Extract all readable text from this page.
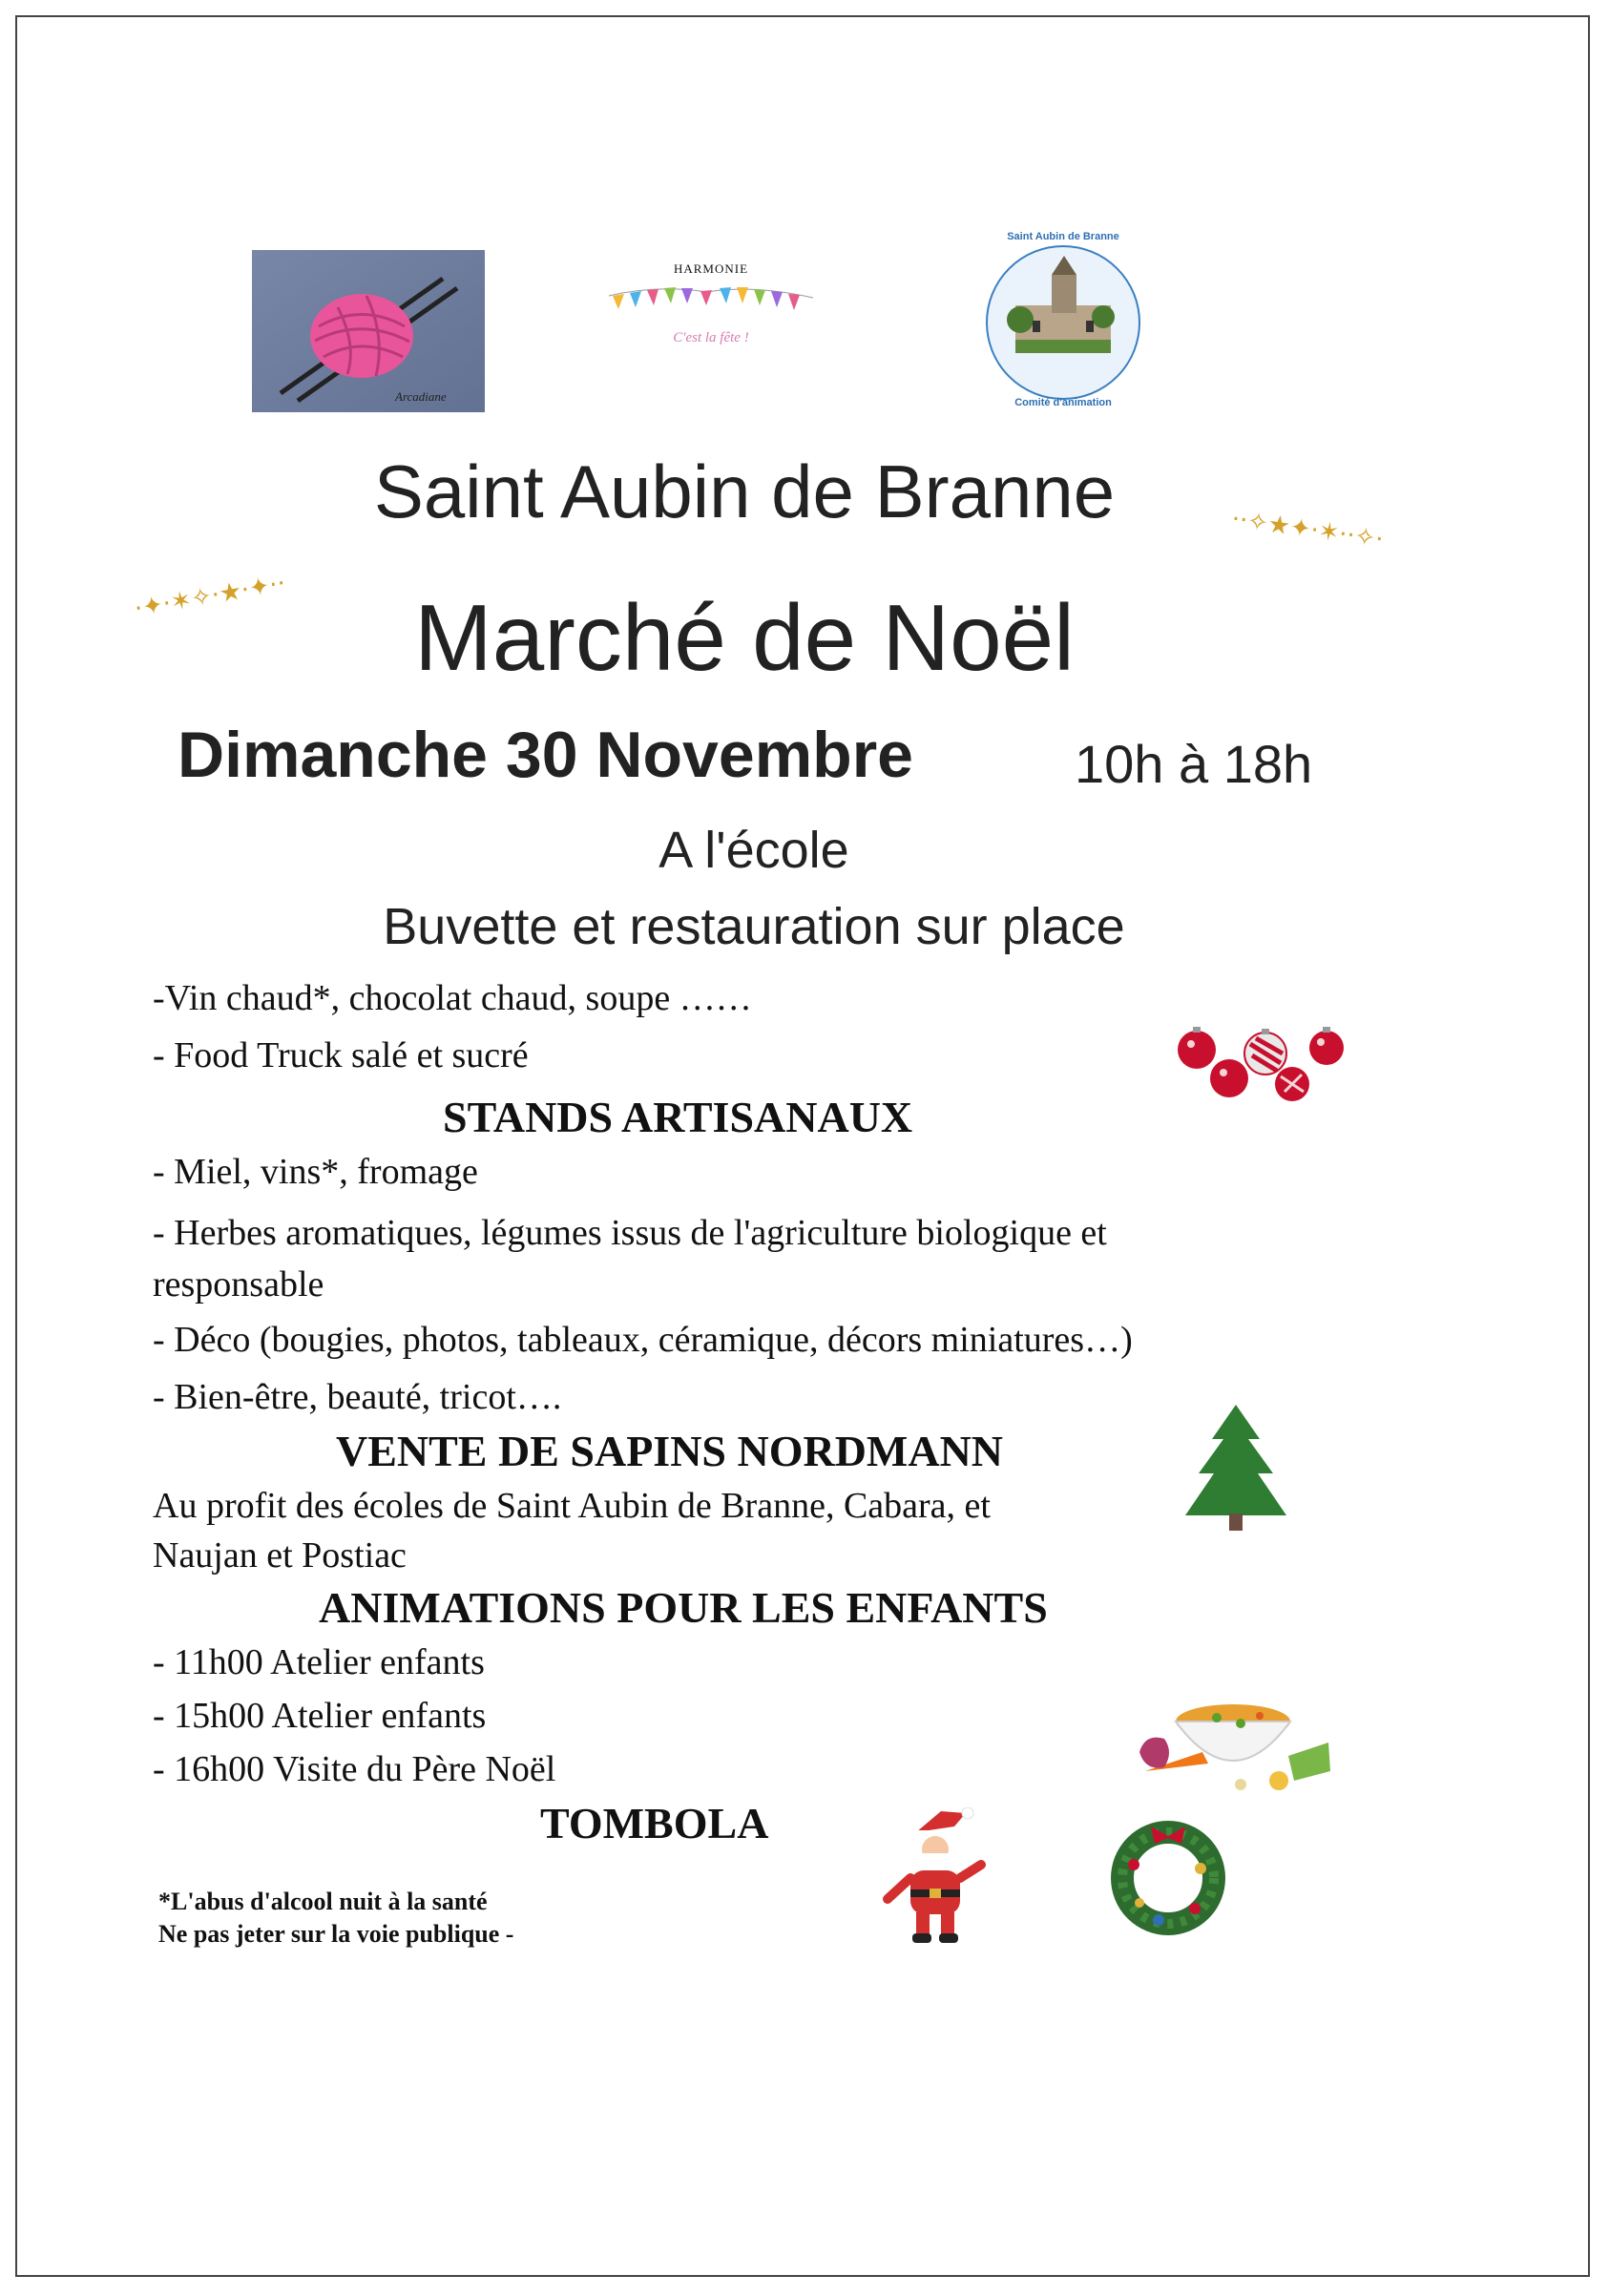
Arcadiane
HARMONIE
C'est la fête !
Saint Aubin de Branne
Comité d'animation
·✦·✶✧·★·✦··
··✧★✦·✶··✧·
Saint Aubin de Branne
Marché de Noël
Dimanche 30 Novembre	10h à 18h
A l'école
Buvette et restauration sur place
-Vin chaud*, chocolat chaud, soupe ……
- Food Truck salé et sucré
STANDS ARTISANAUX
- Miel, vins*, fromage
- Herbes aromatiques, légumes issus de l'agriculture biologique et
responsable
- Déco (bougies, photos, tableaux, céramique, décors miniatures…)
- Bien-être, beauté, tricot….
VENTE DE SAPINS NORDMANN
Au profit des écoles de Saint Aubin de Branne, Cabara, et
Naujan et Postiac
ANIMATIONS POUR LES ENFANTS
- 11h00 Atelier enfants
- 15h00 Atelier enfants
- 16h00 Visite du Père Noël
TOMBOLA
*L'abus d'alcool nuit à la santé
Ne pas jeter sur la voie publique -
